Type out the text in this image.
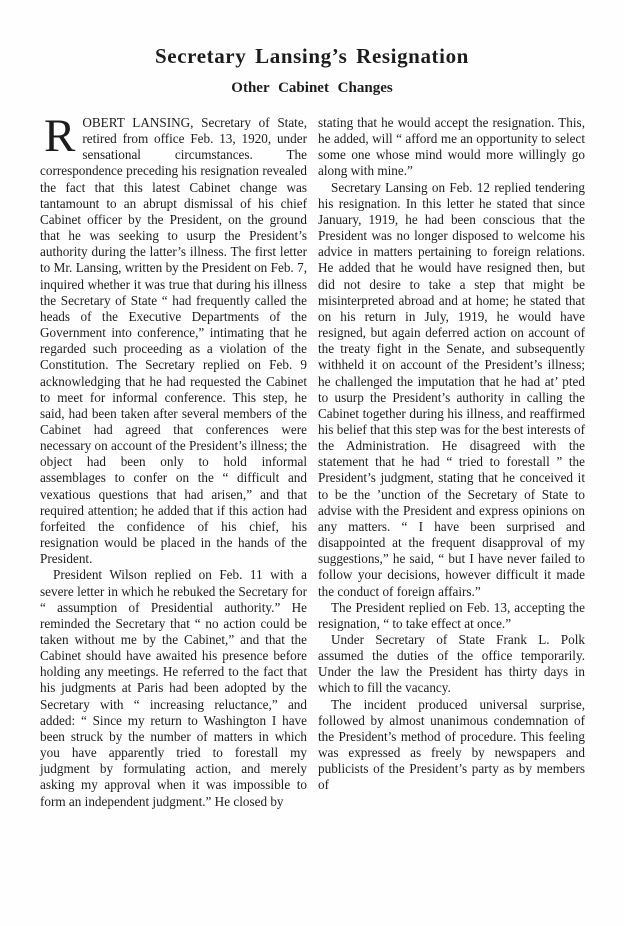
Secretary Lansing’s Resignation
Other Cabinet Changes

ROBERT LANSING, Secretary of State, retired from office Feb. 13, 1920, under sensational circumstances. The correspondence preceding his resignation revealed the fact that this latest Cabinet change was tantamount to an abrupt dismissal of his chief Cabinet officer by the President, on the ground that he was seeking to usurp the President’s authority during the latter’s illness. The first letter to Mr. Lansing, written by the President on Feb. 7, inquired whether it was true that during his illness the Secretary of State “ had frequently called the heads of the Executive Departments of the Government into conference,” intimating that he regarded such proceeding as a violation of the Constitution. The Secretary replied on Feb. 9 acknowledging that he had requested the Cabinet to meet for informal conference. This step, he said, had been taken after several members of the Cabinet had agreed that conferences were necessary on account of the President’s illness; the object had been only to hold informal assemblages to confer on the “ difficult and vexatious questions that had arisen,” and that required attention; he added that if this action had forfeited the confidence of his chief, his resignation would be placed in the hands of the President.

President Wilson replied on Feb. 11 with a severe letter in which he rebuked the Secretary for “ assumption of Presidential authority.” He reminded the Secretary that “ no action could be taken without me by the Cabinet,” and that the Cabinet should have awaited his presence before holding any meetings. He referred to the fact that his judgments at Paris had been adopted by the Secretary with “ increasing reluctance,” and added: “ Since my return to Washington I have been struck by the number of matters in which you have apparently tried to forestall my judgment by formulating action, and merely asking my approval when it was impossible to form an independent judgment.” He closed by

stating that he would accept the resignation. This, he added, will “ afford me an opportunity to select some one whose mind would more willingly go along with mine.”

Secretary Lansing on Feb. 12 replied tendering his resignation. In this letter he stated that since January, 1919, he had been conscious that the President was no longer disposed to welcome his advice in matters pertaining to foreign relations. He added that he would have resigned then, but did not desire to take a step that might be misinterpreted abroad and at home; he stated that on his return in July, 1919, he would have resigned, but again deferred action on account of the treaty fight in the Senate, and subsequently withheld it on account of the President’s illness; he challenged the imputation that he had at’ pted to usurp the President’s authority in calling the Cabinet together during his illness, and reaffirmed his belief that this step was for the best interests of the Administration. He disagreed with the statement that he had “ tried to forestall ” the President’s judgment, stating that he conceived it to be the ’unction of the Secretary of State to advise with the President and express opinions on any matters. “ I have been surprised and disappointed at the frequent disapproval of my suggestions,” he said, “ but I have never failed to follow your decisions, however difficult it made the conduct of foreign affairs.”

The President replied on Feb. 13, accepting the resignation, “ to take effect at once.”

Under Secretary of State Frank L. Polk assumed the duties of the office temporarily. Under the law the President has thirty days in which to fill the vacancy.

The incident produced universal surprise, followed by almost unanimous condemnation of the President’s method of procedure. This feeling was expressed as freely by newspapers and publicists of the President’s party as by members of
